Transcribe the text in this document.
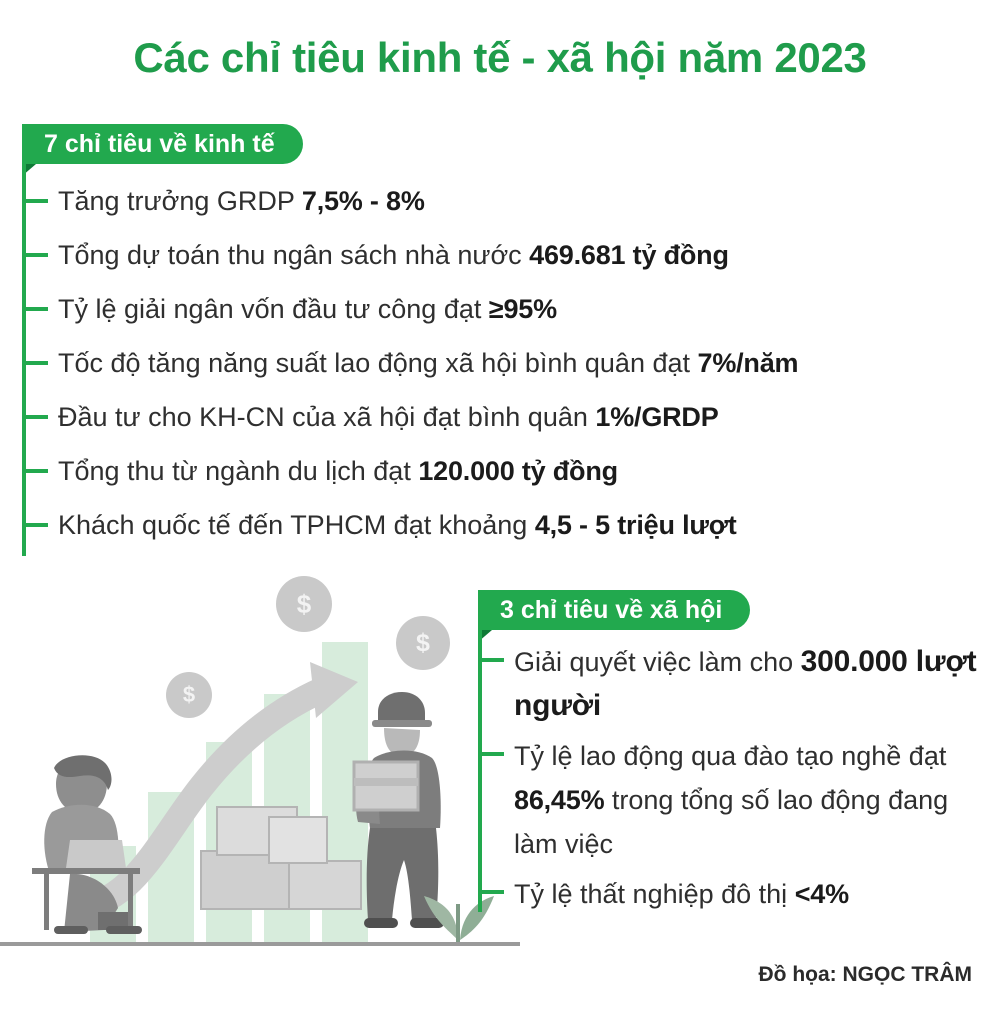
Các chỉ tiêu kinh tế - xã hội năm 2023
7 chỉ tiêu về kinh tế
Tăng trưởng GRDP 7,5% - 8%
Tổng dự toán thu ngân sách nhà nước 469.681 tỷ đồng
Tỷ lệ giải ngân vốn đầu tư công đạt ≥95%
Tốc độ tăng năng suất lao động xã hội bình quân đạt 7%/năm
Đầu tư cho KH-CN của xã hội đạt bình quân 1%/GRDP
Tổng thu từ ngành du lịch đạt 120.000 tỷ đồng
Khách quốc tế đến TPHCM đạt khoảng 4,5 - 5 triệu lượt
$
$
$
3 chỉ tiêu về xã hội
Giải quyết việc làm cho 300.000 lượt người
Tỷ lệ lao động qua đào tạo nghề đạt 86,45% trong tổng số lao động đang làm việc
Tỷ lệ thất nghiệp đô thị <4%
Đồ họa: NGỌC TRÂM
